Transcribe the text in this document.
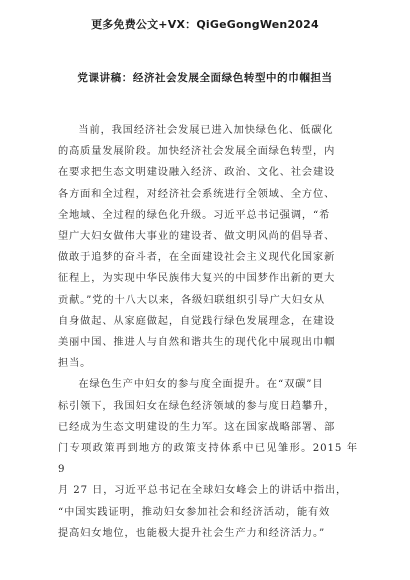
更多免费公文+VX：QiGeGongWen2024
党课讲稿：经济社会发展全面绿色转型中的巾帼担当

当前，我国经济社会发展已进入加快绿色化、低碳化
的高质量发展阶段。加快经济社会发展全面绿色转型，内
在要求把生态文明建设融入经济、政治、文化、社会建设
各方面和全过程，对经济社会系统进行全领域、全方位、
全地域、全过程的绿色化升级。习近平总书记强调，“希
望广大妇女做伟大事业的建设者、做文明风尚的倡导者、
做敢于追梦的奋斗者，在全面建设社会主义现代化国家新
征程上，为实现中华民族伟大复兴的中国梦作出新的更大
贡献。”党的十八大以来，各级妇联组织引导广大妇女从
自身做起、从家庭做起，自觉践行绿色发展理念，在建设
美丽中国、推进人与自然和谐共生的现代化中展现出巾帼
担当。

在绿色生产中妇女的参与度全面提升。在“双碳”目
标引领下，我国妇女在绿色经济领域的参与度日趋攀升，
已经成为生态文明建设的生力军。这在国家战略部署、部
门专项政策再到地方的政策支持体系中已见雏形。2015 年 9
月 27 日，习近平总书记在全球妇女峰会上的讲话中指出，
“中国实践证明，推动妇女参加社会和经济活动，能有效
提高妇女地位，也能极大提升社会生产力和经济活力。”
